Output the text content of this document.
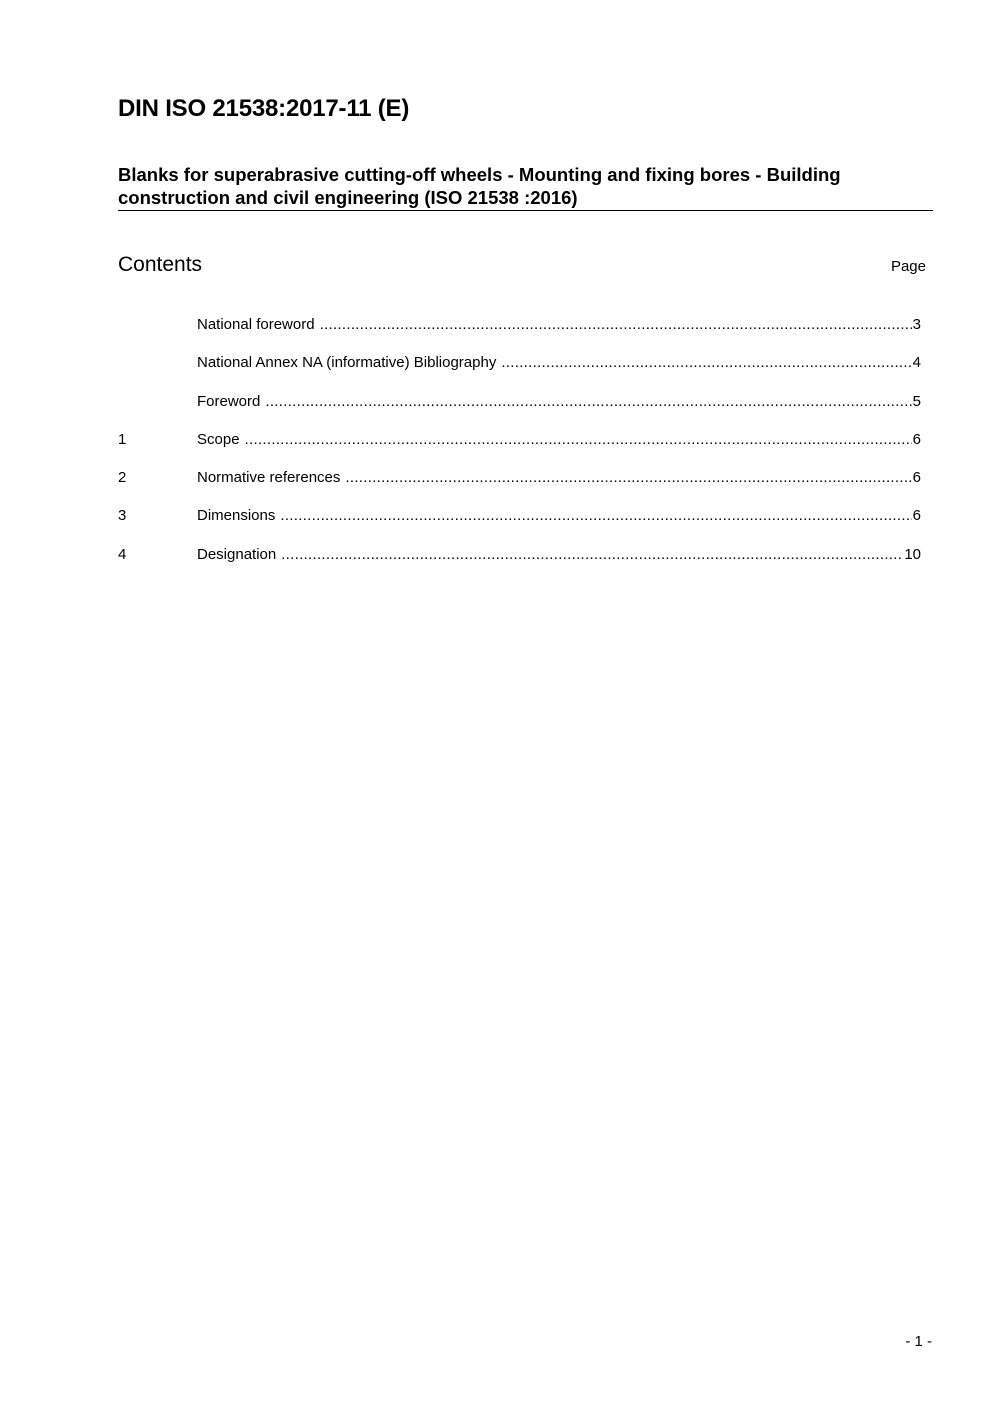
DIN ISO 21538:2017-11 (E)
Blanks for superabrasive cutting-off wheels - Mounting and fixing bores - Building construction and civil engineering (ISO 21538 :2016)
Contents	Page
National foreword .....	3
National Annex NA (informative) Bibliography .....	4
Foreword .....	5
1	Scope .....	6
2	Normative references .....	6
3	Dimensions .....	6
4	Designation .....	10
- 1 -
